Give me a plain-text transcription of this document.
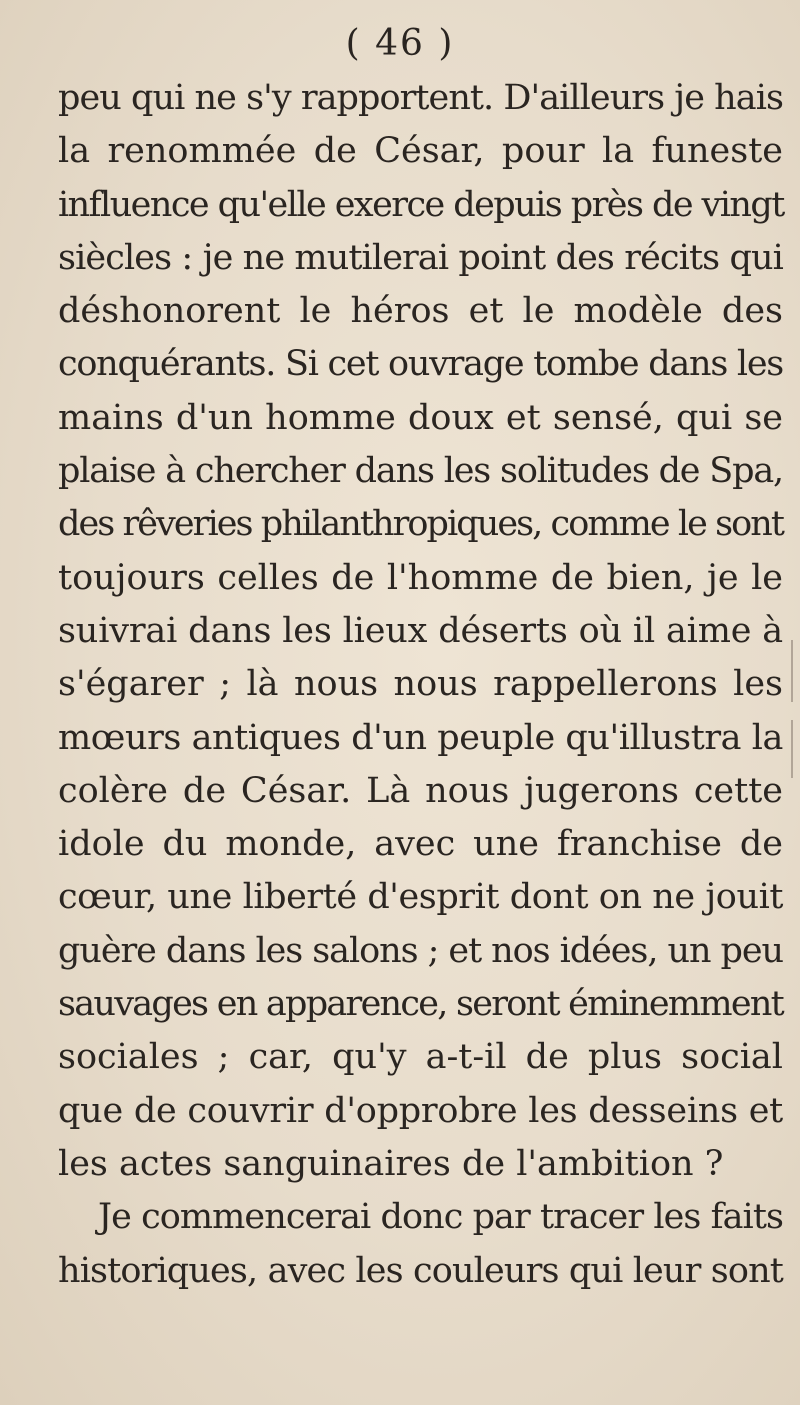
( 46 )
peu qui ne s'y rapportent. D'ailleurs je hais
la renommée de César, pour la funeste
influence qu'elle exerce depuis près de vingt
siècles : je ne mutilerai point des récits qui
déshonorent le héros et le modèle des
conquérants. Si cet ouvrage tombe dans les
mains d'un homme doux et sensé, qui se
plaise à chercher dans les solitudes de Spa,
des rêveries philanthropiques, comme le sont
toujours celles de l'homme de bien, je le
suivrai dans les lieux déserts où il aime à
s'égarer ; là nous nous rappellerons les
mœurs antiques d'un peuple qu'illustra la
colère de César. Là nous jugerons cette
idole du monde, avec une franchise de
cœur, une liberté d'esprit dont on ne jouit
guère dans les salons ; et nos idées, un peu
sauvages en apparence, seront éminemment
sociales ; car, qu'y a-t-il de plus social
que de couvrir d'opprobre les desseins et
les actes sanguinaires de l'ambition ?
Je commencerai donc par tracer les faits
historiques, avec les couleurs qui leur sont
